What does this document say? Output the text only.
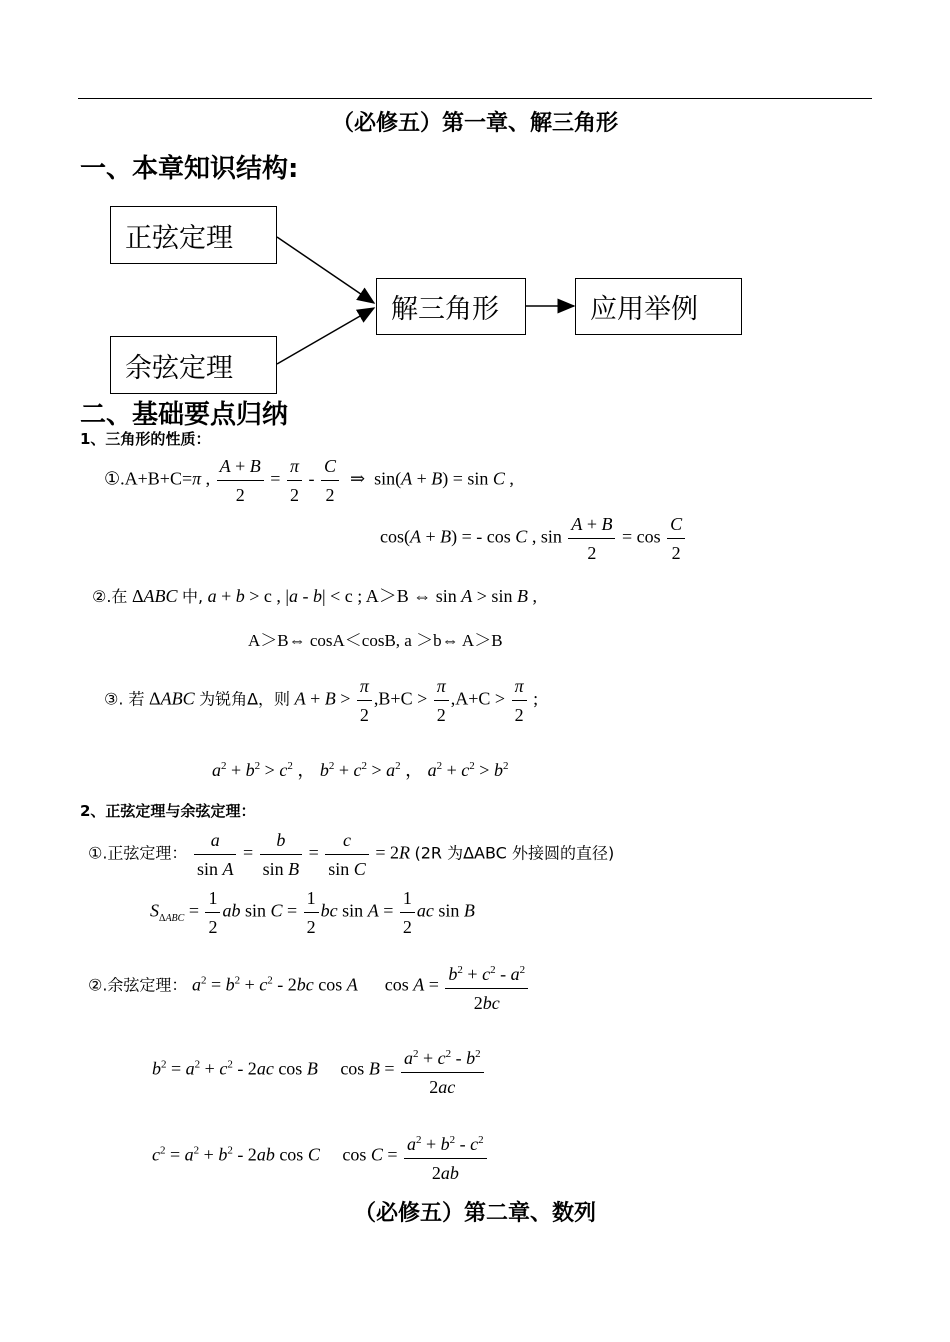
（必修五）第一章、解三角形
一、本章知识结构:
正弦定理
余弦定理
解三角形	应用举例
二、基础要点归纳
1、三角形的性质：
①.A+B+C=π , $\frac{A + B}{2} = \frac{\pi}{2} - \frac{C}{2}$ ⇒  sin(A + B) = sin C ,
cos(A + B) = - cos C , $\sin \frac{A + B}{2} = \cos \frac{C}{2}$
②.在 ΔABC 中, a + b > c , |a - b| < c ; A＞B ⇔ sin A > sin B ,
A＞B⇔ cosA＜cosB, a ＞b⇔ A＞B
③. 若 ΔABC 为锐角Δ，则 $A + B > \frac{\pi}{2} ,B+C > \frac{\pi}{2} ,A+C > \frac{\pi}{2}$ ;
$a^2 + b^2 > c^2$ ， $b^2 + c^2 > a^2$ ， $a^2 + c^2 > b^2$
2、正弦定理与余弦定理：
①.正弦定理： $\frac{a}{\text{sin A}} = \frac{b}{\text{sin B}} = \frac{c}{\text{sin C}} = 2R$ (2R 为ΔABC 外接圆的直径)
$S_{\Delta ABC} = \frac{1}{2}$ ab $\sin C = \frac{1}{2}$ bc $\sin A = \frac{1}{2}$ ac sin B
②.余弦定理： $a^2 = b^2 + c^2 - 2bc$ cos A      $\cos A = \frac{b^2 + c^2 - a^2}{2bc}$
$b^2 = a^2 + c^2 - 2ac$ cos B     $\cos B = \frac{a^2 + c^2 - b^2}{2ac}$
$c^2 = a^2 + b^2 - 2ab$ cos C     $\cos C = \frac{a^2 + b^2 - c^2}{2ab}$
（必修五）第二章、数列
